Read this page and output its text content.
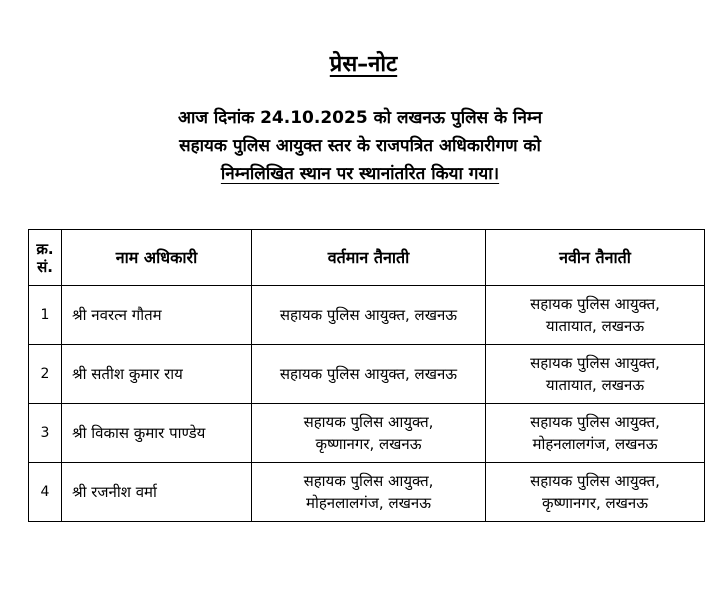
प्रेस–नोट
आज दिनांक 24.10.2025 को लखनऊ पुलिस के निम्न
सहायक पुलिस आयुक्त स्तर के राजपत्रित अधिकारीगण को
निम्नलिखित स्थान पर स्थानांतरित किया गया।
क्र.
सं.	नाम अधिकारी	वर्तमान तैनाती	नवीन तैनाती
1	श्री नवरत्न गौतम	सहायक पुलिस आयुक्त, लखनऊ	सहायक पुलिस आयुक्त,
यातायात, लखनऊ

2	श्री सतीश कुमार राय	सहायक पुलिस आयुक्त, लखनऊ	सहायक पुलिस आयुक्त,
यातायात, लखनऊ

3	श्री विकास कुमार पाण्डेय	सहायक पुलिस आयुक्त,
कृष्णानगर, लखनऊ	सहायक पुलिस आयुक्त,
मोहनलालगंज, लखनऊ

4	श्री रजनीश वर्मा	सहायक पुलिस आयुक्त,
मोहनलालगंज, लखनऊ	सहायक पुलिस आयुक्त,
कृष्णानगर, लखनऊ
